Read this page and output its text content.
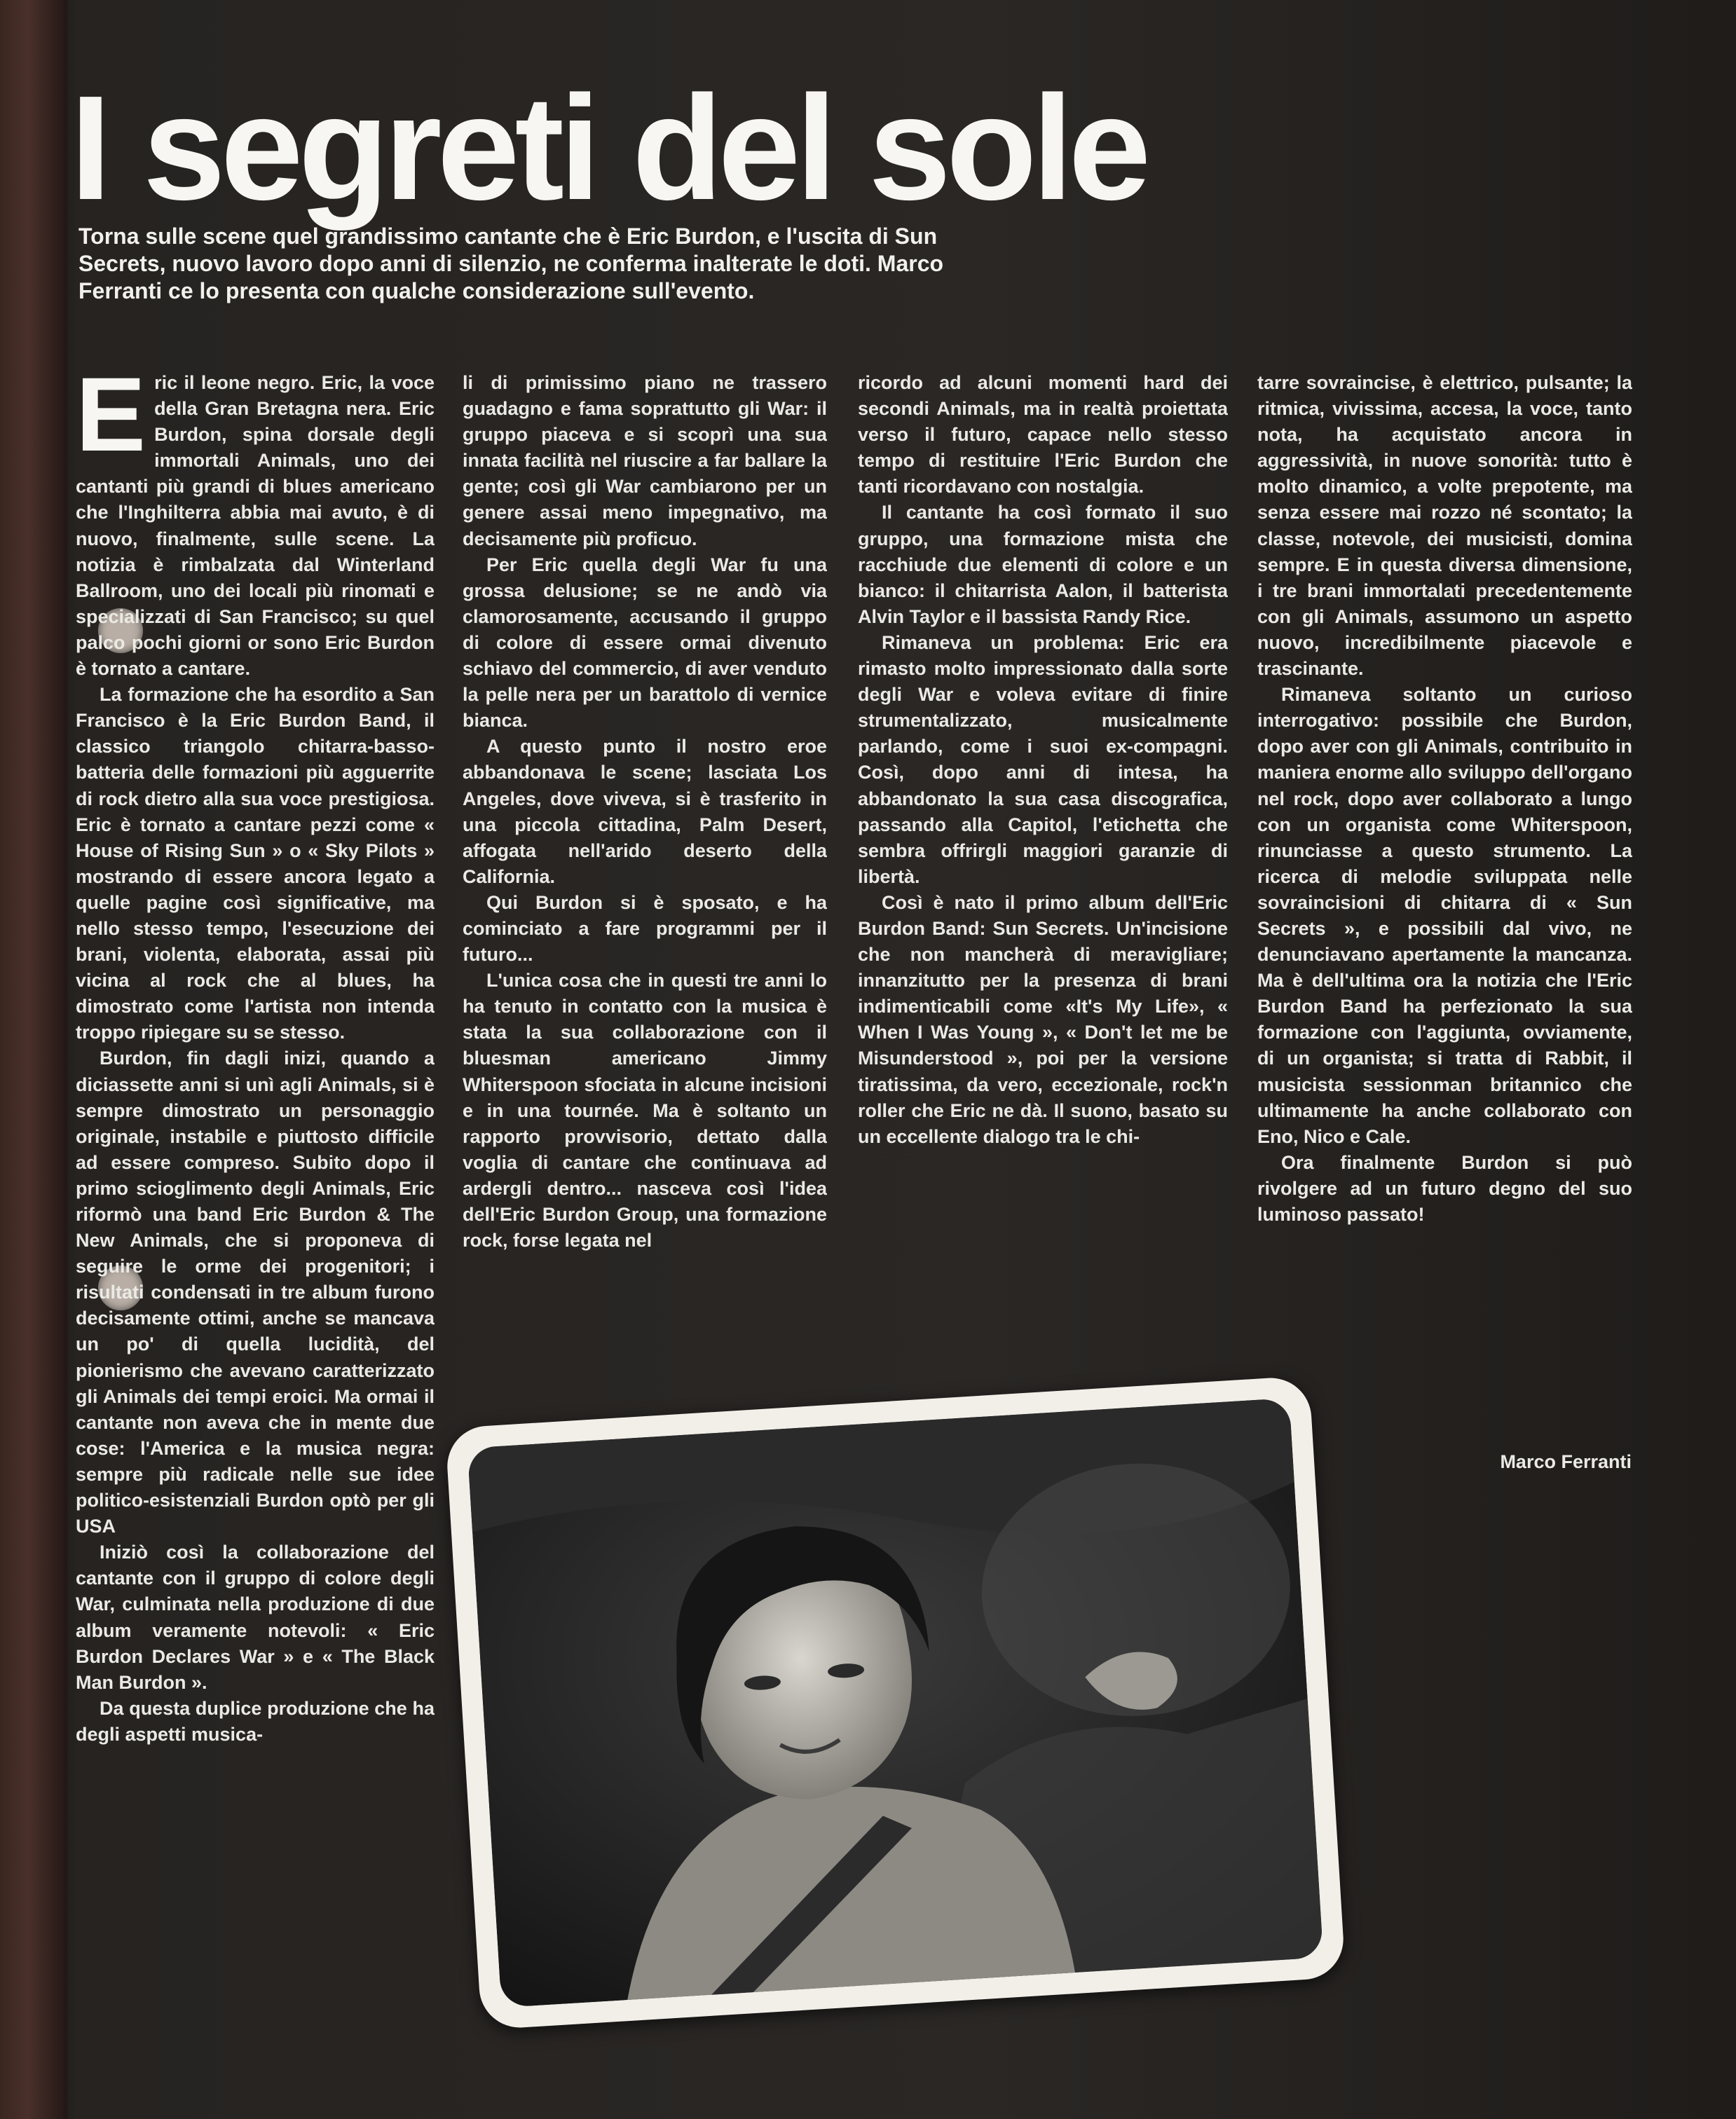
I segreti del sole

Torna sulle scene quel grandissimo cantante che è Eric Burdon, e l'uscita di Sun Secrets, nuovo lavoro dopo anni di silenzio, ne conferma inalterate le doti. Marco Ferranti ce lo presenta con qualche considerazione sull'evento.

Eric il leone negro. Eric, la voce della Gran Bretagna nera. Eric Burdon, spina dorsale degli immortali Animals, uno dei cantanti più grandi di blues americano che l'Inghilterra abbia mai avuto, è di nuovo, finalmente, sulle scene. La notizia è rimbalzata dal Winterland Ballroom, uno dei locali più rinomati e specializzati di San Francisco; su quel palco pochi giorni or sono Eric Burdon è tornato a cantare.

La formazione che ha esordito a San Francisco è la Eric Burdon Band, il classico triangolo chitarra-basso-batteria delle formazioni più agguerrite di rock dietro alla sua voce prestigiosa. Eric è tornato a cantare pezzi come « House of Rising Sun » o « Sky Pilots » mostrando di essere ancora legato a quelle pagine così significative, ma nello stesso tempo, l'esecuzione dei brani, violenta, elaborata, assai più vicina al rock che al blues, ha dimostrato come l'artista non intenda troppo ripiegare su se stesso.

Burdon, fin dagli inizi, quando a diciassette anni si unì agli Animals, si è sempre dimostrato un personaggio originale, instabile e piuttosto difficile ad essere compreso. Subito dopo il primo scioglimento degli Animals, Eric riformò una band Eric Burdon & The New Animals, che si proponeva di seguire le orme dei progenitori; i risultati condensati in tre album furono decisamente ottimi, anche se mancava un po' di quella lucidità, del pionierismo che avevano caratterizzato gli Animals dei tempi eroici. Ma ormai il cantante non aveva che in mente due cose: l'America e la musica negra: sempre più radicale nelle sue idee politico-esistenziali Burdon optò per gli USA

Iniziò così la collaborazione del cantante con il gruppo di colore degli War, culminata nella produzione di due album veramente notevoli: « Eric Burdon Declares War » e « The Black Man Burdon ».

Da questa duplice produzione che ha degli aspetti musica-

li di primissimo piano ne trassero guadagno e fama soprattutto gli War: il gruppo piaceva e si scoprì una sua innata facilità nel riuscire a far ballare la gente; così gli War cambiarono per un genere assai meno impegnativo, ma decisamente più proficuo.

Per Eric quella degli War fu una grossa delusione; se ne andò via clamorosamente, accusando il gruppo di colore di essere ormai divenuto schiavo del commercio, di aver venduto la pelle nera per un barattolo di vernice bianca.

A questo punto il nostro eroe abbandonava le scene; lasciata Los Angeles, dove viveva, si è trasferito in una piccola cittadina, Palm Desert, affogata nell'arido deserto della California.

Qui Burdon si è sposato, e ha cominciato a fare programmi per il futuro...

L'unica cosa che in questi tre anni lo ha tenuto in contatto con la musica è stata la sua collaborazione con il bluesman americano Jimmy Whiterspoon sfociata in alcune incisioni e in una tournée. Ma è soltanto un rapporto provvisorio, dettato dalla voglia di cantare che continuava ad ardergli dentro... nasceva così l'idea dell'Eric Burdon Group, una formazione rock, forse legata nel

ricordo ad alcuni momenti hard dei secondi Animals, ma in realtà proiettata verso il futuro, capace nello stesso tempo di restituire l'Eric Burdon che tanti ricordavano con nostalgia.

Il cantante ha così formato il suo gruppo, una formazione mista che racchiude due elementi di colore e un bianco: il chitarrista Aalon, il batterista Alvin Taylor e il bassista Randy Rice.

Rimaneva un problema: Eric era rimasto molto impressionato dalla sorte degli War e voleva evitare di finire strumentalizzato, musicalmente parlando, come i suoi ex-compagni. Così, dopo anni di intesa, ha abbandonato la sua casa discografica, passando alla Capitol, l'etichetta che sembra offrirgli maggiori garanzie di libertà.

Così è nato il primo album dell'Eric Burdon Band: Sun Secrets. Un'incisione che non mancherà di meravigliare; innanzitutto per la presenza di brani indimenticabili come «It's My Life», « When I Was Young », « Don't let me be Misunderstood », poi per la versione tiratissima, da vero, eccezionale, rock'n roller che Eric ne dà. Il suono, basato su un eccellente dialogo tra le chi-

tarre sovraincise, è elettrico, pulsante; la ritmica, vivissima, accesa, la voce, tanto nota, ha acquistato ancora in aggressività, in nuove sonorità: tutto è molto dinamico, a volte prepotente, ma senza essere mai rozzo né scontato; la classe, notevole, dei musicisti, domina sempre. E in questa diversa dimensione, i tre brani immortalati precedentemente con gli Animals, assumono un aspetto nuovo, incredibilmente piacevole e trascinante.

Rimaneva soltanto un curioso interrogativo: possibile che Burdon, dopo aver con gli Animals, contribuito in maniera enorme allo sviluppo dell'organo nel rock, dopo aver collaborato a lungo con un organista come Whiterspoon, rinunciasse a questo strumento. La ricerca di melodie sviluppata nelle sovraincisioni di chitarra di « Sun Secrets », e possibili dal vivo, ne denunciavano apertamente la mancanza. Ma è dell'ultima ora la notizia che l'Eric Burdon Band ha perfezionato la sua formazione con l'aggiunta, ovviamente, di un organista; si tratta di Rabbit, il musicista sessionman britannico che ultimamente ha anche collaborato con Eno, Nico e Cale.

Ora finalmente Burdon si può rivolgere ad un futuro degno del suo luminoso passato!

Marco Ferranti
